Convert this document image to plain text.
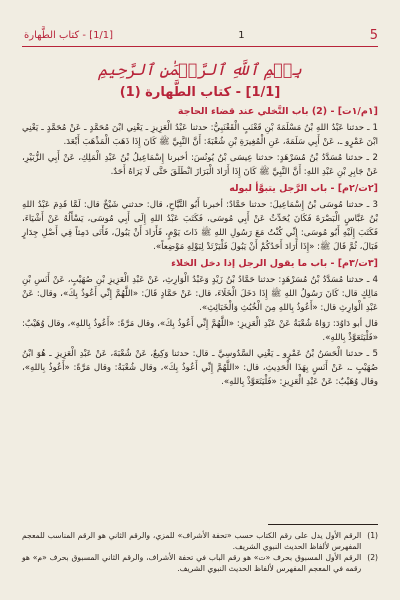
5
1
[1/1] - كتاب الطَّهارة
بِسۡمِ ٱللَّهِ ٱلرَّحۡمَٰنِ ٱلرَّحِيمِ
[1/1] - كتاب الطَّهارة (1)
[١م/١ت] - (2) باب التَّخلي عند قضاء الحاجة

1 ـ حدثنا عَبْدُ اللهِ بْنُ مَسْلَمَةَ بْنِ قَعْنَبٍ الْقَعْنَبِيُّ: حدثنا عَبْدُ الْعَزِيزِ ـ يَعْنِي ابْنَ مُحَمَّدٍ ـ عَنْ مُحَمَّدٍ ـ يَعْنِي ابْنَ عَمْرٍو ـ، عَنْ أَبِي سَلَمَةَ، عَنِ الْمُغِيرَةِ بْنِ شُعْبَةَ: أَنَّ النَّبِيَّ ﷺ كَانَ إِذَا ذَهَبَ الْمَذْهَبَ أَبْعَدَ.

2 ـ حدثنا مُسَدَّدُ بْنُ مُسَرْهَدٍ: حدثنا عِيسَى بْنُ يُونُسَ: أخبرنا إِسْمَاعِيلُ بْنُ عَبْدِ الْمَلِكِ، عَنْ أَبِي الزُّبَيْرِ، عَنْ جَابِرِ بْنِ عَبْدِ اللهِ: أَنَّ النَّبِيَّ ﷺ كَانَ إِذَا أَرَادَ الْبَرَازَ انْطَلَقَ حَتَّى لَا يَرَاهُ أَحَدٌ.

[٢ت/٢م] - باب الرَّجل يتبوَّأ لبوله

3 ـ حدثنا مُوسَى بْنُ إِسْمَاعِيلَ: حدثنا حَمَّادٌ: أخبرنا أَبُو التَّيَّاحِ، قال: حدثني شَيْخٌ قال: لَمَّا قَدِمَ عَبْدُ اللهِ بْنُ عَبَّاسٍ الْبَصْرَةَ فَكَانَ يُحَدِّثُ عَنْ أَبِي مُوسَى، فَكَتَبَ عَبْدُ اللهِ إِلَى أَبِي مُوسَى، يَسْأَلُهُ عَنْ أَشْيَاءَ، فَكَتَبَ إِلَيْهِ أَبُو مُوسَى: إِنِّي كُنْتُ مَعَ رَسُولِ اللهِ ﷺ ذَاتَ يَوْمٍ، فَأَرَادَ أَنْ يَبُولَ، فَأَتَى دَمِثاً فِي أَصْلِ جِدَارٍ فَبَالَ، ثُمَّ قَالَ ﷺ: «إِذَا أَرَادَ أَحَدُكُمْ أَنْ يَبُولَ فَلْيَرْتَدْ لِبَوْلِهِ مَوْضِعاً».

[٣ت/٣م] - باب ما يقول الرجل إذا دخل الخلاء

4 ـ حدثنا مُسَدَّدُ بْنُ مُسَرْهَدٍ: حدثنا حَمَّادُ بْنُ زَيْدٍ وَعَبْدُ الْوَارِثِ، عَنْ عَبْدِ الْعَزِيزِ بْنِ صُهَيْبٍ، عَنْ أَنَسِ بْنِ مَالِكٍ قال: كَانَ رَسُولُ اللهِ ﷺ إِذَا دَخَلَ الْخَلَاءَ، قال: عَنْ حَمَّادٍ قَالَ: «اللَّهُمَّ إِنِّي أَعُوذُ بِكَ»، وقال: عَنْ عَبْدِ الْوَارِثِ قال: «أَعُوذُ بِاللهِ مِنَ الْخُبُثِ وَالْخَبَائِثِ».

قال أبو دَاوُدَ: رَوَاهُ شُعْبَةُ عَنْ عَبْدِ الْعَزِيزِ: «اللَّهُمَّ إِنِّي أَعُوذُ بِكَ»، وقال مَرَّةً: «أَعُوذُ بِاللهِ»، وقال وُهَيْبٌ: «فَلْيَتَعَوَّذْ بِاللهِ».

5 ـ حدثنا الْحَسَنُ بْنُ عَمْرٍو ـ يَعْنِي السَّدُوسِيَّ ـ قال: حدثنا وَكِيعٌ، عَنْ شُعْبَةَ، عَنْ عَبْدِ الْعَزِيزِ ـ هُوَ ابْنُ صُهَيْبٍ ـ، عَنْ أَنَسٍ بِهَذَا الْحَدِيثِ، قال: «اللَّهُمَّ إِنِّي أَعُوذُ بِكَ»، وقال شُعْبَةُ: وقال مَرَّةً: «أَعُوذُ بِاللهِ»، وقال وُهَيْبٌ: عَنْ عَبْدِ الْعَزِيزِ: «فَلْيَتَعَوَّذْ بِاللهِ».

(1)
الرقم الأول يدل على رقم الكتاب حسب «تحفة الأشراف» للمزي، والرقم الثاني هو الرقم المناسب للمعجم المفهرس لألفاظ الحديث النبوي الشريف.
(2)
الرقم الأول المسبوق بحرف «ت» هو رقم الباب في تحفة الأشراف، والرقم الثاني المسبوق بحرف «م» هو رقمه في المعجم المفهرس لألفاظ الحديث النبوي الشريف.
